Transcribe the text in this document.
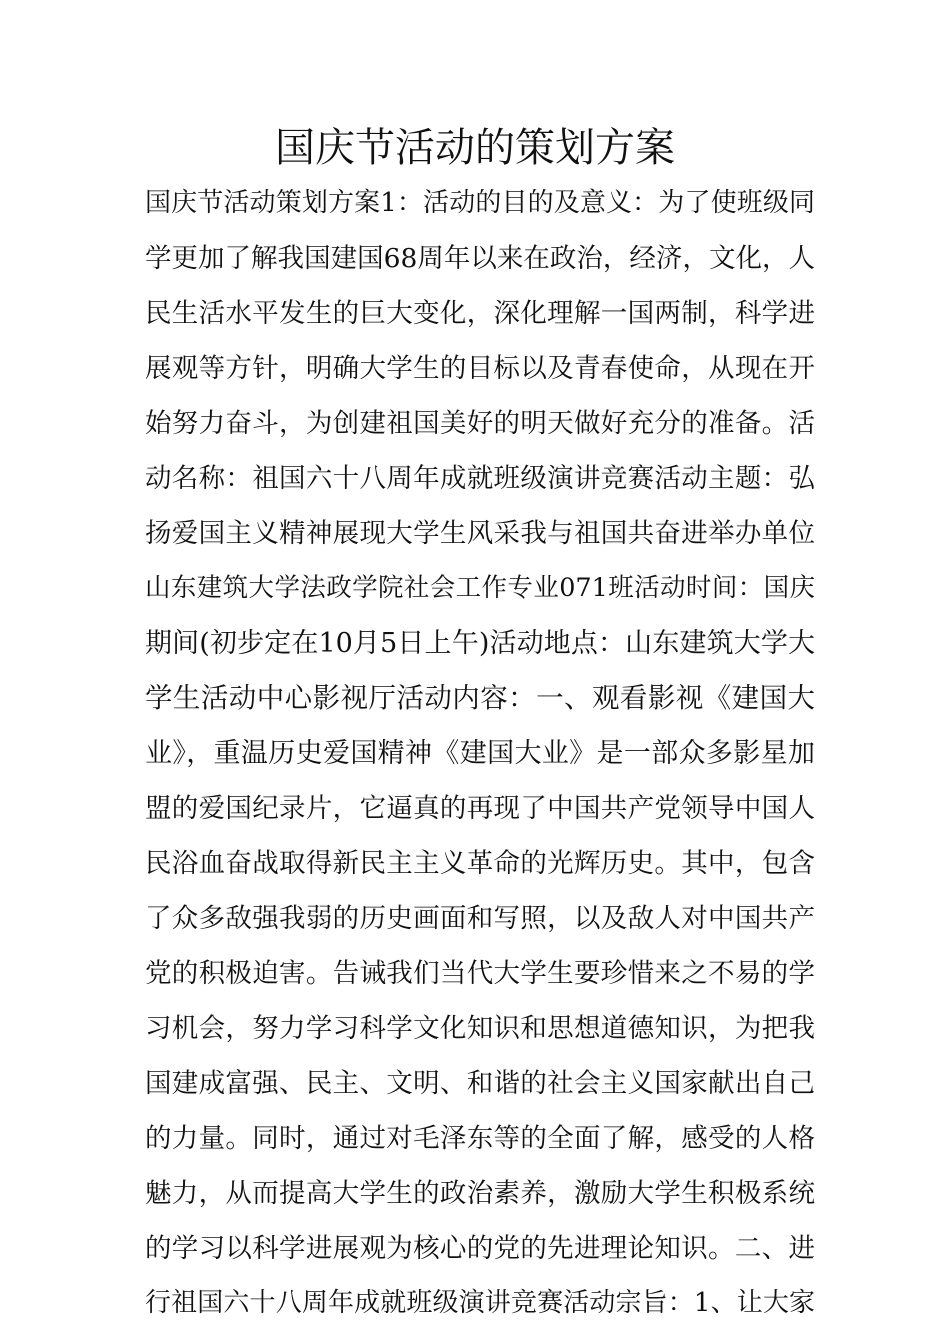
国庆节活动的策划方案
国庆节活动策划方案1：活动的目的及意义：为了使班级同
学更加了解我国建国68周年以来在政治，经济，文化，人
民生活水平发生的巨大变化，深化理解一国两制，科学进
展观等方针，明确大学生的目标以及青春使命，从现在开
始努力奋斗，为创建祖国美好的明天做好充分的准备。活
动名称：祖国六十八周年成就班级演讲竞赛活动主题：弘
扬爱国主义精神展现大学生风采我与祖国共奋进举办单位
山东建筑大学法政学院社会工作专业071班活动时间：国庆
期间(初步定在10月5日上午)活动地点：山东建筑大学大
学生活动中心影视厅活动内容：一、观看影视《建国大
业》，重温历史爱国精神《建国大业》是一部众多影星加
盟的爱国纪录片，它逼真的再现了中国共产党领导中国人
民浴血奋战取得新民主主义革命的光辉历史。其中，包含
了众多敌强我弱的历史画面和写照，以及敌人对中国共产
党的积极迫害。告诫我们当代大学生要珍惜来之不易的学
习机会，努力学习科学文化知识和思想道德知识，为把我
国建成富强、民主、文明、和谐的社会主义国家献出自己
的力量。同时，通过对毛泽东等的全面了解，感受的人格
魅力，从而提高大学生的政治素养，激励大学生积极系统
的学习以科学进展观为核心的党的先进理论知识。二、进
行祖国六十八周年成就班级演讲竞赛活动宗旨：1、让大家
